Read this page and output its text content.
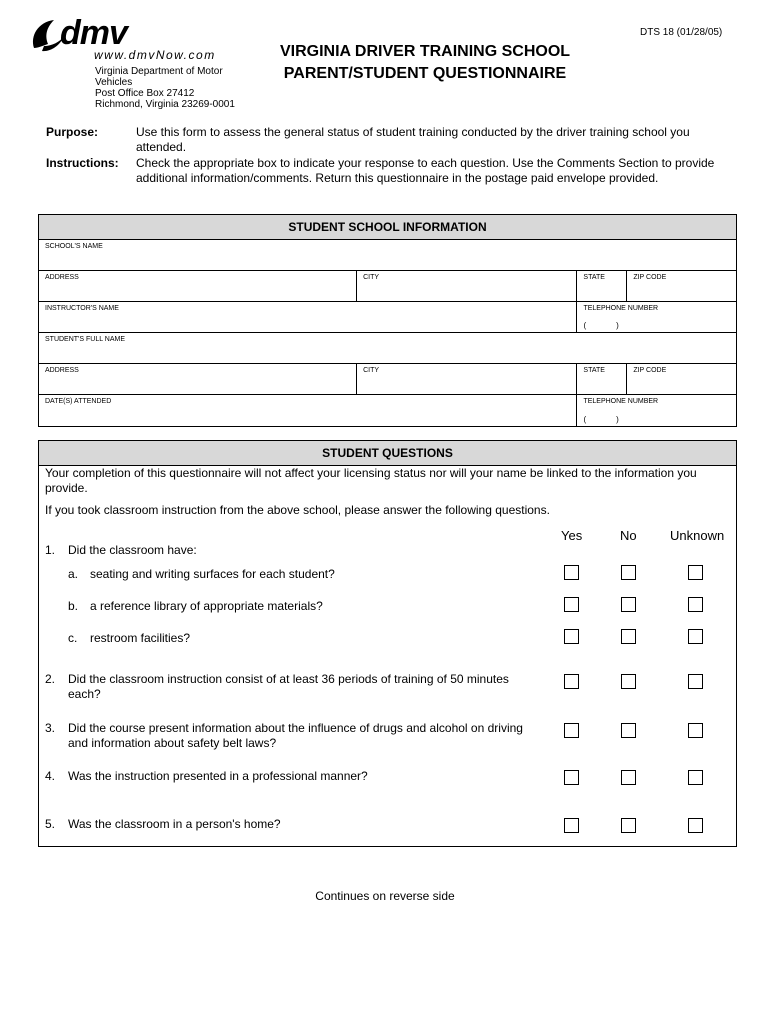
DTS 18 (01/28/05)
dmv
www.dmvNow.com
Virginia Department of Motor Vehicles
Post Office Box 27412
Richmond, Virginia 23269-0001
VIRGINIA DRIVER TRAINING SCHOOL
PARENT/STUDENT QUESTIONNAIRE
Purpose:	Use this form to assess the general status of student training conducted by the driver training school you attended.
Instructions:	Check the appropriate box to indicate your response to each question. Use the Comments Section to provide additional information/comments. Return this questionnaire in the postage paid envelope provided.
STUDENT SCHOOL INFORMATION
SCHOOL'S NAME
ADDRESS	CITY	STATE	ZIP CODE
INSTRUCTOR'S NAME	TELEPHONE NUMBER
(	)
STUDENT'S FULL NAME
ADDRESS	CITY	STATE	ZIP CODE
DATE(S) ATTENDED	TELEPHONE NUMBER
(	)
STUDENT QUESTIONS
Your completion of this questionnaire will not affect your licensing status nor will your name be linked to the information you provide.
If you took classroom instruction from the above school, please answer the following questions.
Yes	No	Unknown
1. Did the classroom have:
a. seating and writing surfaces for each student?
b. a reference library of appropriate materials?
c. restroom facilities?
2. Did the classroom instruction consist of at least 36 periods of training of 50 minutes each?
3. Did the course present information about the influence of drugs and alcohol on driving and information about safety belt laws?
4. Was the instruction presented in a professional manner?
5. Was the classroom in a person's home?
Continues on reverse side
